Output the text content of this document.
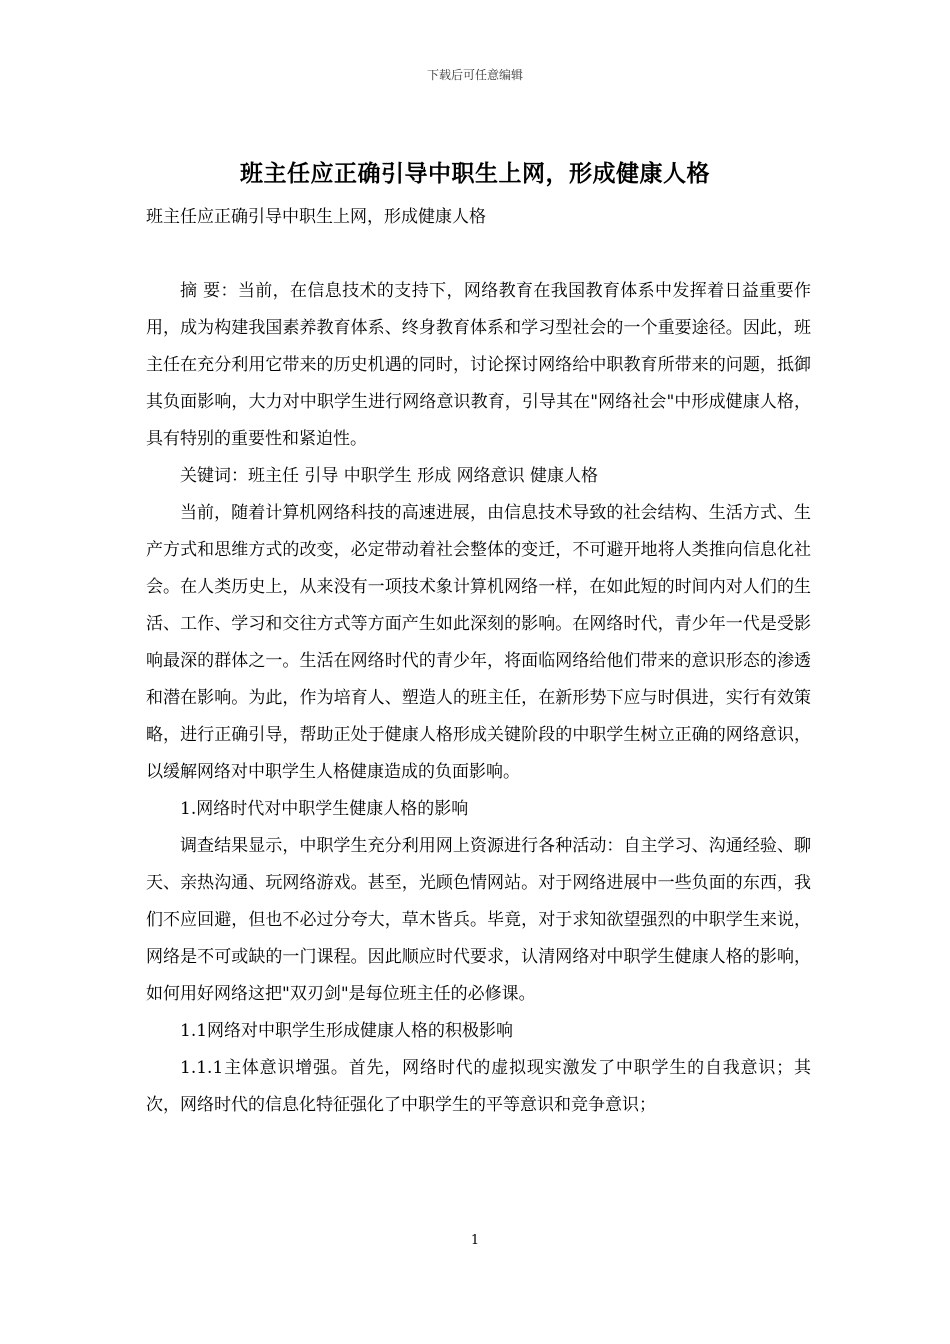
下载后可任意编辑
班主任应正确引导中职生上网，形成健康人格
班主任应正确引导中职生上网，形成健康人格

摘 要：当前，在信息技术的支持下，网络教育在我国教育体系中发挥着日益重要作用，成为构建我国素养教育体系、终身教育体系和学习型社会的一个重要途径。因此，班主任在充分利用它带来的历史机遇的同时，讨论探讨网络给中职教育所带来的问题，抵御其负面影响，大力对中职学生进行网络意识教育，引导其在"网络社会"中形成健康人格，具有特别的重要性和紧迫性。

关键词：班主任 引导 中职学生 形成 网络意识 健康人格

当前，随着计算机网络科技的高速进展，由信息技术导致的社会结构、生活方式、生产方式和思维方式的改变，必定带动着社会整体的变迁，不可避开地将人类推向信息化社会。在人类历史上，从来没有一项技术象计算机网络一样，在如此短的时间内对人们的生活、工作、学习和交往方式等方面产生如此深刻的影响。在网络时代，青少年一代是受影响最深的群体之一。生活在网络时代的青少年，将面临网络给他们带来的意识形态的渗透和潜在影响。为此，作为培育人、塑造人的班主任，在新形势下应与时俱进，实行有效策略，进行正确引导，帮助正处于健康人格形成关键阶段的中职学生树立正确的网络意识，以缓解网络对中职学生人格健康造成的负面影响。

1.网络时代对中职学生健康人格的影响

调查结果显示，中职学生充分利用网上资源进行各种活动：自主学习、沟通经验、聊天、亲热沟通、玩网络游戏。甚至，光顾色情网站。对于网络进展中一些负面的东西，我们不应回避，但也不必过分夸大，草木皆兵。毕竟，对于求知欲望强烈的中职学生来说，网络是不可或缺的一门课程。因此顺应时代要求，认清网络对中职学生健康人格的影响，如何用好网络这把"双刃剑"是每位班主任的必修课。

1.1网络对中职学生形成健康人格的积极影响

1.1.1主体意识增强。首先，网络时代的虚拟现实激发了中职学生的自我意识；其次，网络时代的信息化特征强化了中职学生的平等意识和竞争意识；

1
